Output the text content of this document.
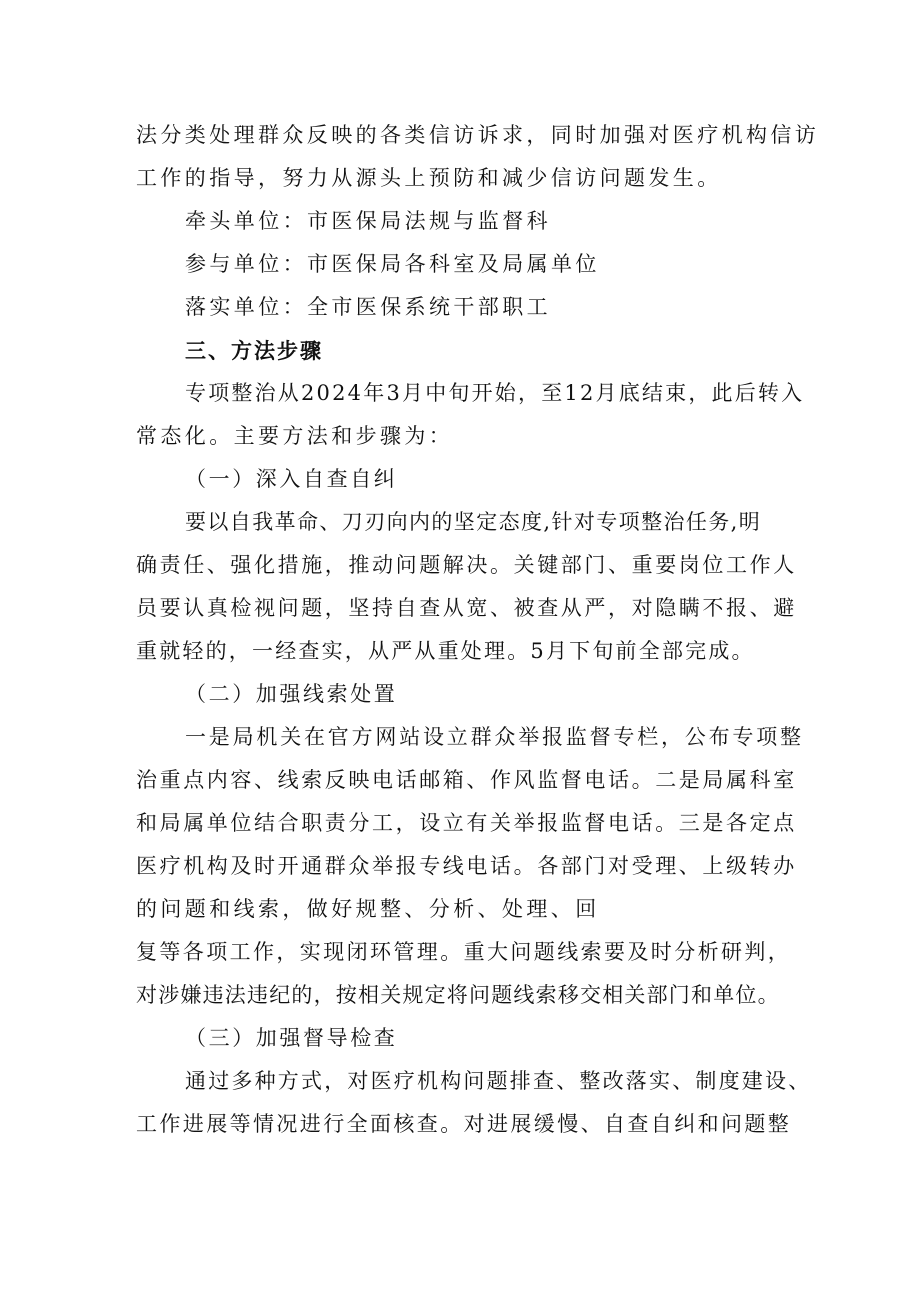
法分类处理群众反映的各类信访诉求，同时加强对医疗机构信访
工作的指导，努力从源头上预防和减少信访问题发生。
牵头单位：市医保局法规与监督科
参与单位：市医保局各科室及局属单位
落实单位：全市医保系统干部职工
三、方法步骤
专项整治从2024年3月中旬开始，至12月底结束，此后转入
常态化。主要方法和步骤为：
（一）深入自查自纠
要以自我革命、刀刃向内的坚定态度,针对专项整治任务,明
确责任、强化措施，推动问题解决。关键部门、重要岗位工作人
员要认真检视问题，坚持自查从宽、被查从严，对隐瞒不报、避
重就轻的，一经查实，从严从重处理。5月下旬前全部完成。
（二）加强线索处置
一是局机关在官方网站设立群众举报监督专栏，公布专项整
治重点内容、线索反映电话邮箱、作风监督电话。二是局属科室
和局属单位结合职责分工，设立有关举报监督电话。三是各定点
医疗机构及时开通群众举报专线电话。各部门对受理、上级转办
的问题和线索，做好规整、分析、处理、回
复等各项工作，实现闭环管理。重大问题线索要及时分析研判，
对涉嫌违法违纪的，按相关规定将问题线索移交相关部门和单位。
（三）加强督导检查
通过多种方式，对医疗机构问题排查、整改落实、制度建设、
工作进展等情况进行全面核查。对进展缓慢、自查自纠和问题整
